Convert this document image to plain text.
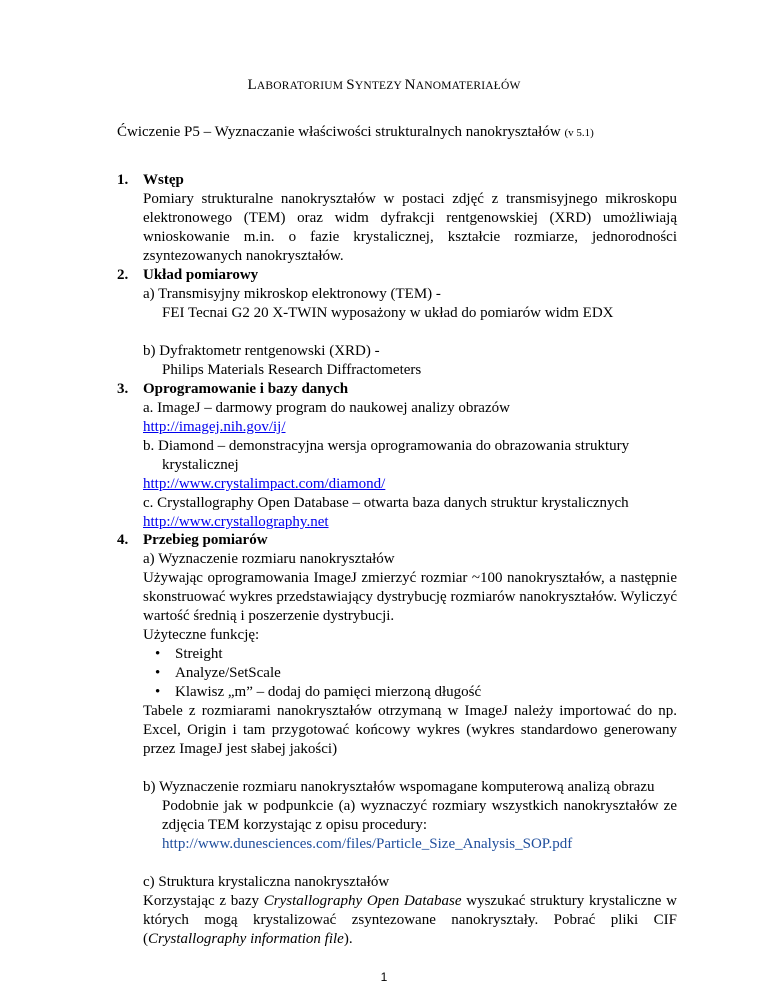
LABORATORIUM SYNTEZY NANOMATERIAŁÓW
Ćwiczenie P5 – Wyznaczanie właściwości strukturalnych nanokryształów (v 5.1)
1. Wstęp
Pomiary strukturalne nanokryształów w postaci zdjęć z transmisyjnego mikroskopu elektronowego (TEM) oraz widm dyfrakcji rentgenowskiej (XRD) umożliwiają wnioskowanie m.in. o fazie krystalicznej, kształcie rozmiarze, jednorodności zsyntezowanych nanokryształów.
2. Układ pomiarowy
a) Transmisyjny mikroskop elektronowy (TEM) -
FEI Tecnai G2 20 X-TWIN wyposażony w układ do pomiarów widm EDX
b) Dyfraktometr rentgenowski (XRD) -
Philips Materials Research Diffractometers
3. Oprogramowanie i bazy danych
a. ImageJ – darmowy program do naukowej analizy obrazów
http://imagej.nih.gov/ij/
b. Diamond – demonstracyjna wersja oprogramowania do obrazowania struktury
krystalicznej
http://www.crystalimpact.com/diamond/
c. Crystallography Open Database – otwarta baza danych struktur krystalicznych
http://www.crystallography.net
4. Przebieg pomiarów
a) Wyznaczenie rozmiaru nanokryształów
Używając oprogramowania ImageJ zmierzyć rozmiar ~100 nanokryształów, a następnie skonstruować wykres przedstawiający dystrybucję rozmiarów nanokryształów. Wyliczyć wartość średnią i poszerzenie dystrybucji.
Użyteczne funkcję:
• Streight
• Analyze/SetScale
• Klawisz „m” – dodaj do pamięci mierzoną długość
Tabele z rozmiarami nanokryształów otrzymaną w ImageJ należy importować do np. Excel, Origin i tam przygotować końcowy wykres (wykres standardowo generowany przez ImageJ jest słabej jakości)
b) Wyznaczenie rozmiaru nanokryształów wspomagane komputerową analizą obrazu
Podobnie jak w podpunkcie (a) wyznaczyć rozmiary wszystkich nanokryształów ze zdjęcia TEM korzystając z opisu procedury:
http://www.dunesciences.com/files/Particle_Size_Analysis_SOP.pdf
c) Struktura krystaliczna nanokryształów
Korzystając z bazy Crystallography Open Database wyszukać struktury krystaliczne w których mogą krystalizować zsyntezowane nanokryształy. Pobrać pliki CIF (Crystallography information file).
1
